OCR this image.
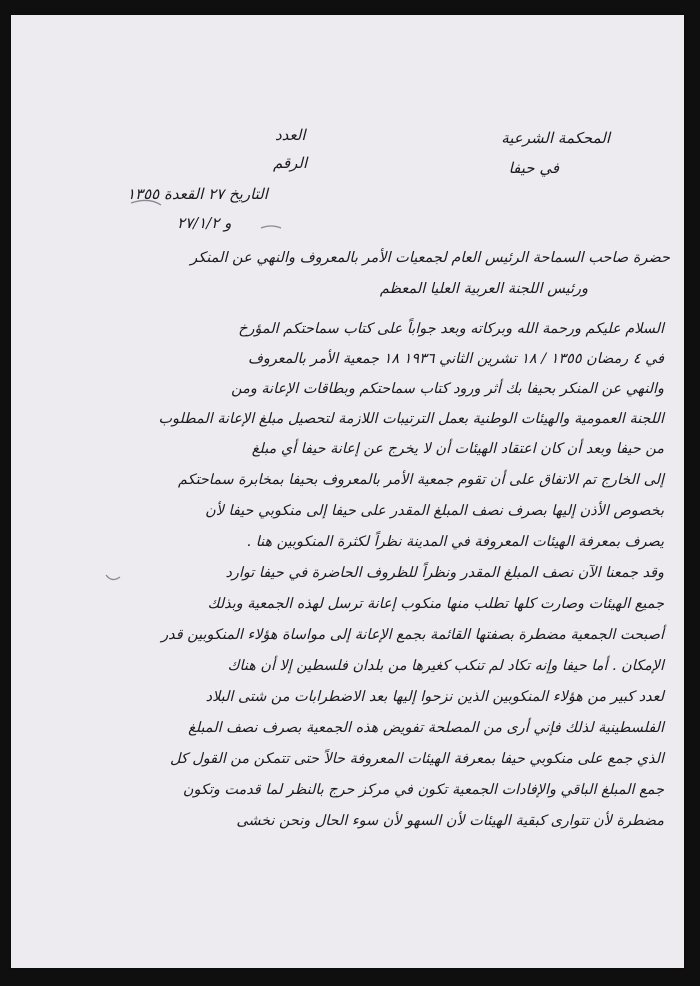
المحكمة الشرعية
في حيفا
العدد
الرقم
التاريخ ٢٧ القعدة ١٣٥٥
و ٢٧/١/٢
حضرة صاحب السماحة الرئيس العام لجمعيات الأمر بالمعروف والنهي عن المنكر
ورئيس اللجنة العربية العليا المعظم
السلام عليكم ورحمة الله وبركاته وبعد جواباً على كتاب سماحتكم المؤرخ
في ٤ رمضان ١٣٥٥ / ١٨ تشرين الثاني ١٩٣٦ ١٨ جمعية الأمر بالمعروف
والنهي عن المنكر بحيفا بك أثر ورود كتاب سماحتكم وبطاقات الإعانة ومن
اللجنة العمومية والهيئات الوطنية بعمل الترتيبات اللازمة لتحصيل مبلغ الإعانة المطلوب
من حيفا وبعد أن كان اعتقاد الهيئات أن لا يخرج عن إعانة حيفا أي مبلغ
إلى الخارج تم الاتفاق على أن تقوم جمعية الأمر بالمعروف بحيفا بمخابرة سماحتكم
بخصوص الأذن إليها بصرف نصف المبلغ المقدر على حيفا إلى منكوبي حيفا لأن
يصرف بمعرفة الهيئات المعروفة في المدينة نظراً لكثرة المنكوبين هنا .
وقد جمعنا الآن نصف المبلغ المقدر ونظراً للظروف الحاضرة في حيفا توارد
جميع الهيئات وصارت كلها تطلب منها منكوب إعانة ترسل لهذه الجمعية وبذلك
أصبحت الجمعية مضطرة بصفتها القائمة بجمع الإعانة إلى مواساة هؤلاء المنكوبين قدر
الإمكان . أما حيفا وإنه تكاد لم تنكب كغيرها من بلدان فلسطين إلا أن هناك
لعدد كبير من هؤلاء المنكوبين الذين نزحوا إليها بعد الاضطرابات من شتى البلاد
الفلسطينية لذلك فإني أرى من المصلحة تفويض هذه الجمعية بصرف نصف المبلغ
الذي جمع على منكوبي حيفا بمعرفة الهيئات المعروفة حالاً حتى تتمكن من القول كل
جمع المبلغ الباقي والإفادات الجمعية تكون في مركز حرج بالنظر لما قدمت وتكون
مضطرة لأن تتوارى كبقية الهيئات لأن السهو لأن سوء الحال ونحن نخشى
